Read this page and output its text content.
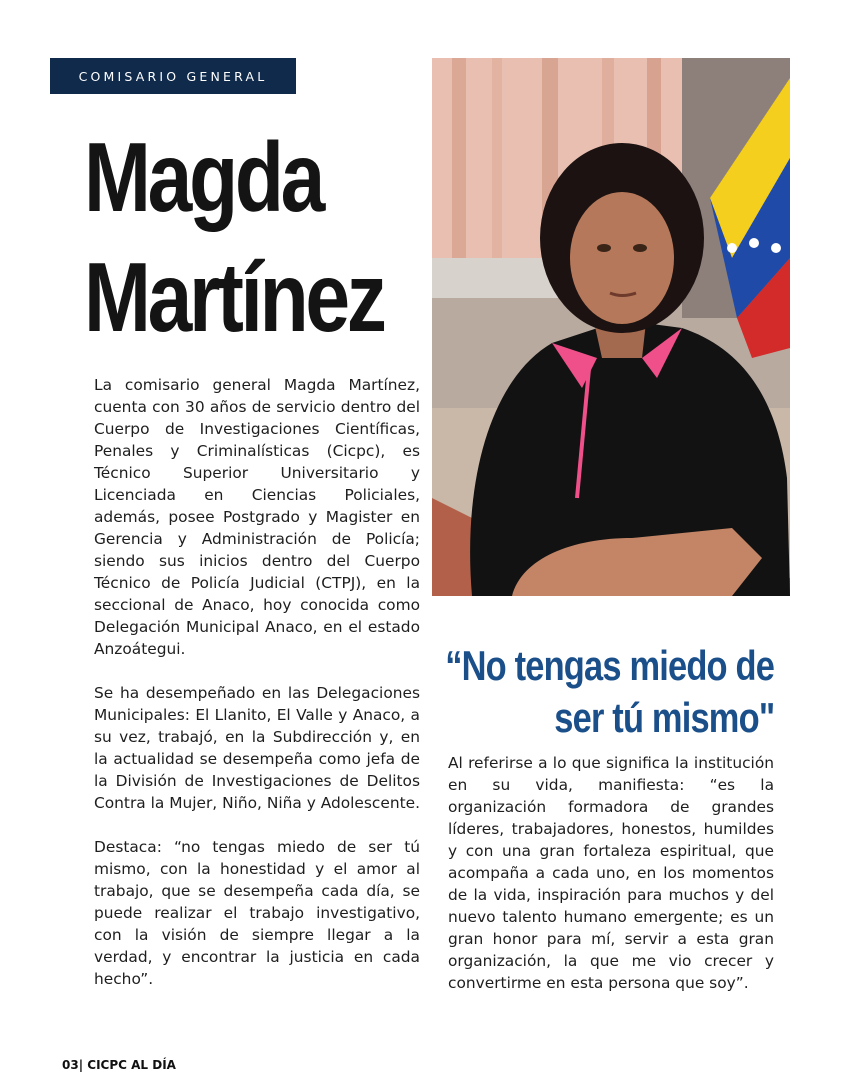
COMISARIO GENERAL
Magda
Martínez

La comisario general Magda Martínez, cuenta con 30 años de servicio dentro del Cuerpo de Investigaciones Científicas, Penales y Criminalísticas (Cicpc), es Técnico Superior Universitario y Licenciada en Ciencias Policiales, además, posee Postgrado y Magister en Gerencia y Administración de Policía; siendo sus inicios dentro del Cuerpo Técnico de Policía Judicial (CTPJ), en la seccional de Anaco, hoy conocida como Delegación Municipal Anaco, en el estado Anzoátegui.

Se ha desempeñado en las Delegaciones Municipales: El Llanito, El Valle y Anaco, a su vez, trabajó, en la Subdirección y, en la actualidad se desempeña como jefa de la División de Investigaciones de Delitos Contra la Mujer, Niño, Niña y Adolescente.

Destaca: “no tengas miedo de ser tú mismo, con la honestidad y el amor al trabajo, que se desempeña cada día, se puede realizar el trabajo investigativo, con la visión de siempre llegar a la verdad, y encontrar la justicia en cada hecho”.

“No tengas miedo de
ser tú mismo"

Al referirse a lo que significa la institución en su vida, manifiesta: “es la organización formadora de grandes líderes, trabajadores, honestos, humildes y con una gran fortaleza espiritual, que acompaña a cada uno, en los momentos de la vida, inspiración para muchos y del nuevo talento humano emergente; es un gran honor para mí, servir a esta gran organización, la que me vio crecer y convertirme en esta persona que soy”.

03| CICPC AL DÍA
